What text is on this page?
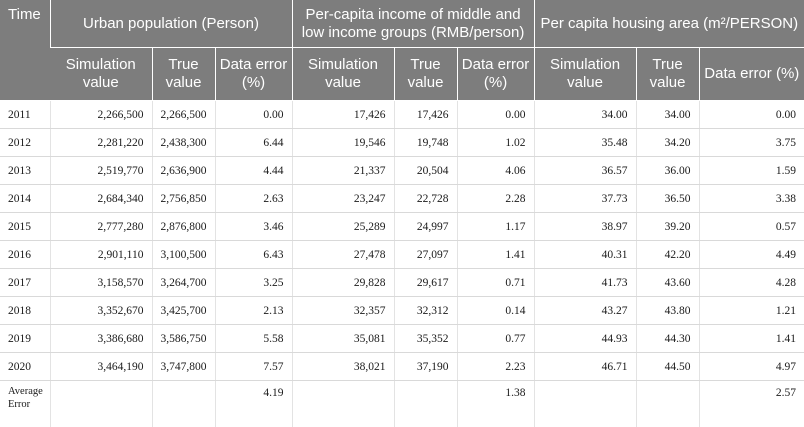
Time	Urban population (Person)			Per-capita income of middle and low income groups (RMB/person)			Per capita housing area (m²/PERSON)		
	Simulation value	True value	Data error (%)	Simulation value	True value	Data error (%)	Simulation value	True value	Data error (%)
2011	2,266,500	2,266,500	0.00	17,426	17,426	0.00	34.00	34.00	0.00
2012	2,281,220	2,438,300	6.44	19,546	19,748	1.02	35.48	34.20	3.75
2013	2,519,770	2,636,900	4.44	21,337	20,504	4.06	36.57	36.00	1.59
2014	2,684,340	2,756,850	2.63	23,247	22,728	2.28	37.73	36.50	3.38
2015	2,777,280	2,876,800	3.46	25,289	24,997	1.17	38.97	39.20	0.57
2016	2,901,110	3,100,500	6.43	27,478	27,097	1.41	40.31	42.20	4.49
2017	3,158,570	3,264,700	3.25	29,828	29,617	0.71	41.73	43.60	4.28
2018	3,352,670	3,425,700	2.13	32,357	32,312	0.14	43.27	43.80	1.21
2019	3,386,680	3,586,750	5.58	35,081	35,352	0.77	44.93	44.30	1.41
2020	3,464,190	3,747,800	7.57	38,021	37,190	2.23	46.71	44.50	4.97
Average Error			4.19			1.38			2.57
